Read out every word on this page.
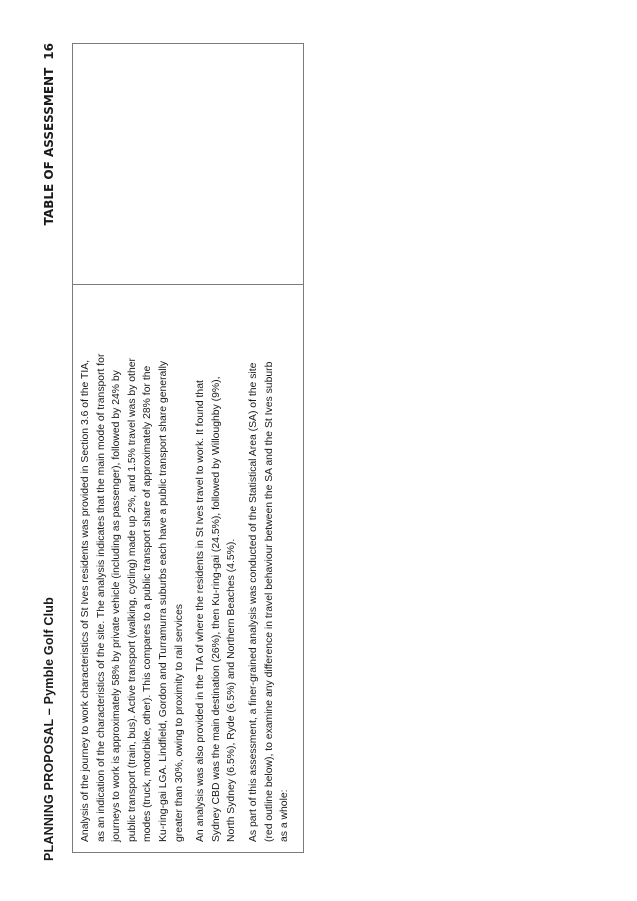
PLANNING PROPOSAL – Pymble Golf Club
TABLE OF ASSESSMENT16
Analysis of the journey to work characteristics of St Ives residents was provided in Section 3.6 of the TIA, as an indication of the characteristics of the site. The analysis indicates that the main mode of transport for journeys to work is approximately 58% by private vehicle (including as passenger), followed by 24% by public transport (train, bus). Active transport (walking, cycling) made up 2%, and 1.5% travel was by other modes (truck, motorbike, other). This compares to a public transport share of approximately 28% for the Ku-ring-gai LGA. Lindfield, Gordon and Turramurra suburbs each have a public transport share generally greater than 30%, owing to proximity to rail services An analysis was also provided in the TIA of where the residents in St Ives travel to work. It found that Sydney CBD was the main destination (26%), then Ku-ring-gai (24.5%), followed by Willoughby (9%), North Sydney (6.5%), Ryde (6.5%) and Northern Beaches (4.5%). As part of this assessment, a finer-grained analysis was conducted of the Statistical Area (SA) of the site (red outline below), to examine any difference in travel behaviour between the SA and the St Ives suburb as a whole:
